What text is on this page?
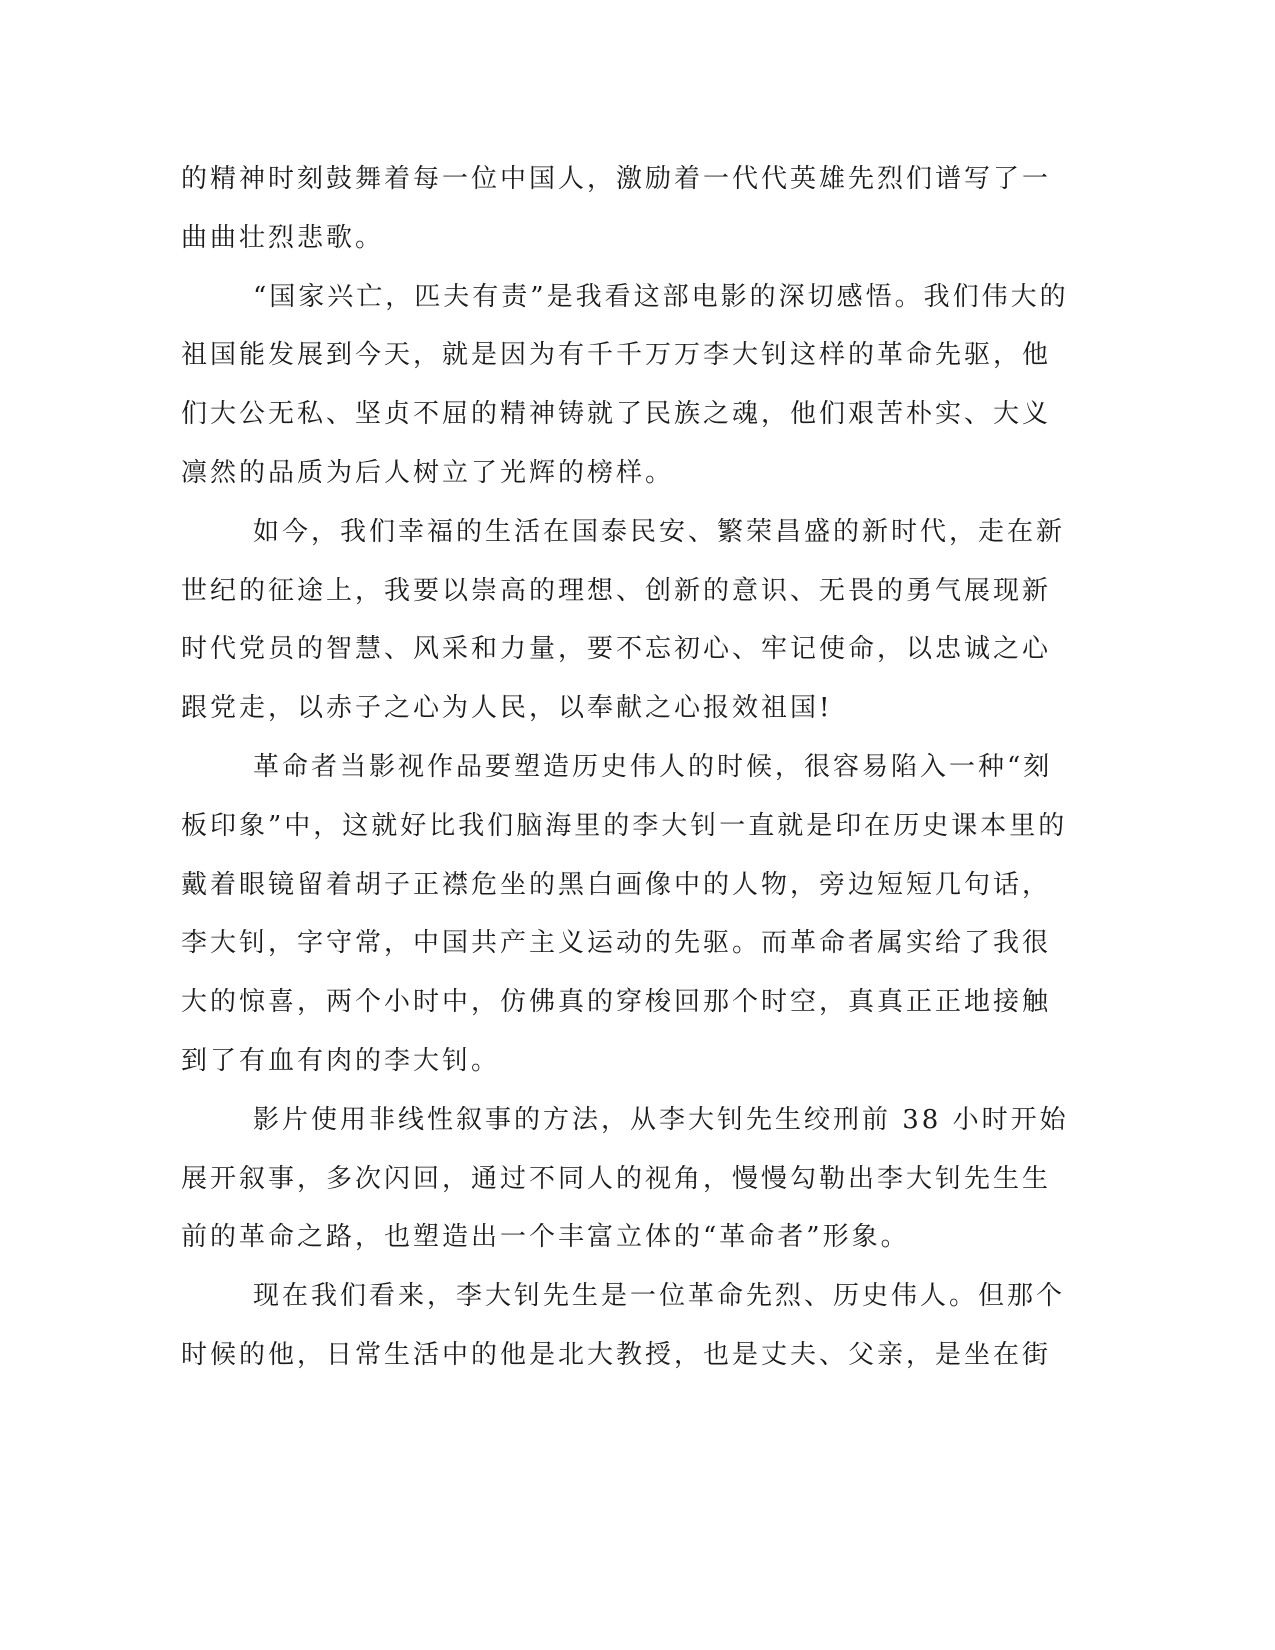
的精神时刻鼓舞着每一位中国人，激励着一代代英雄先烈们谱写了一
曲曲壮烈悲歌。
“国家兴亡，匹夫有责”是我看这部电影的深切感悟。我们伟大的
祖国能发展到今天，就是因为有千千万万李大钊这样的革命先驱，他
们大公无私、坚贞不屈的精神铸就了民族之魂，他们艰苦朴实、大义
凛然的品质为后人树立了光辉的榜样。
如今，我们幸福的生活在国泰民安、繁荣昌盛的新时代，走在新
世纪的征途上，我要以崇高的理想、创新的意识、无畏的勇气展现新
时代党员的智慧、风采和力量，要不忘初心、牢记使命，以忠诚之心
跟党走，以赤子之心为人民，以奉献之心报效祖国!
革命者当影视作品要塑造历史伟人的时候，很容易陷入一种“刻
板印象”中，这就好比我们脑海里的李大钊一直就是印在历史课本里的
戴着眼镜留着胡子正襟危坐的黑白画像中的人物，旁边短短几句话，
李大钊，字守常，中国共产主义运动的先驱。而革命者属实给了我很
大的惊喜，两个小时中，仿佛真的穿梭回那个时空，真真正正地接触
到了有血有肉的李大钊。
影片使用非线性叙事的方法，从李大钊先生绞刑前 38 小时开始
展开叙事，多次闪回，通过不同人的视角，慢慢勾勒出李大钊先生生
前的革命之路，也塑造出一个丰富立体的“革命者”形象。
现在我们看来，李大钊先生是一位革命先烈、历史伟人。但那个
时候的他，日常生活中的他是北大教授，也是丈夫、父亲，是坐在街
